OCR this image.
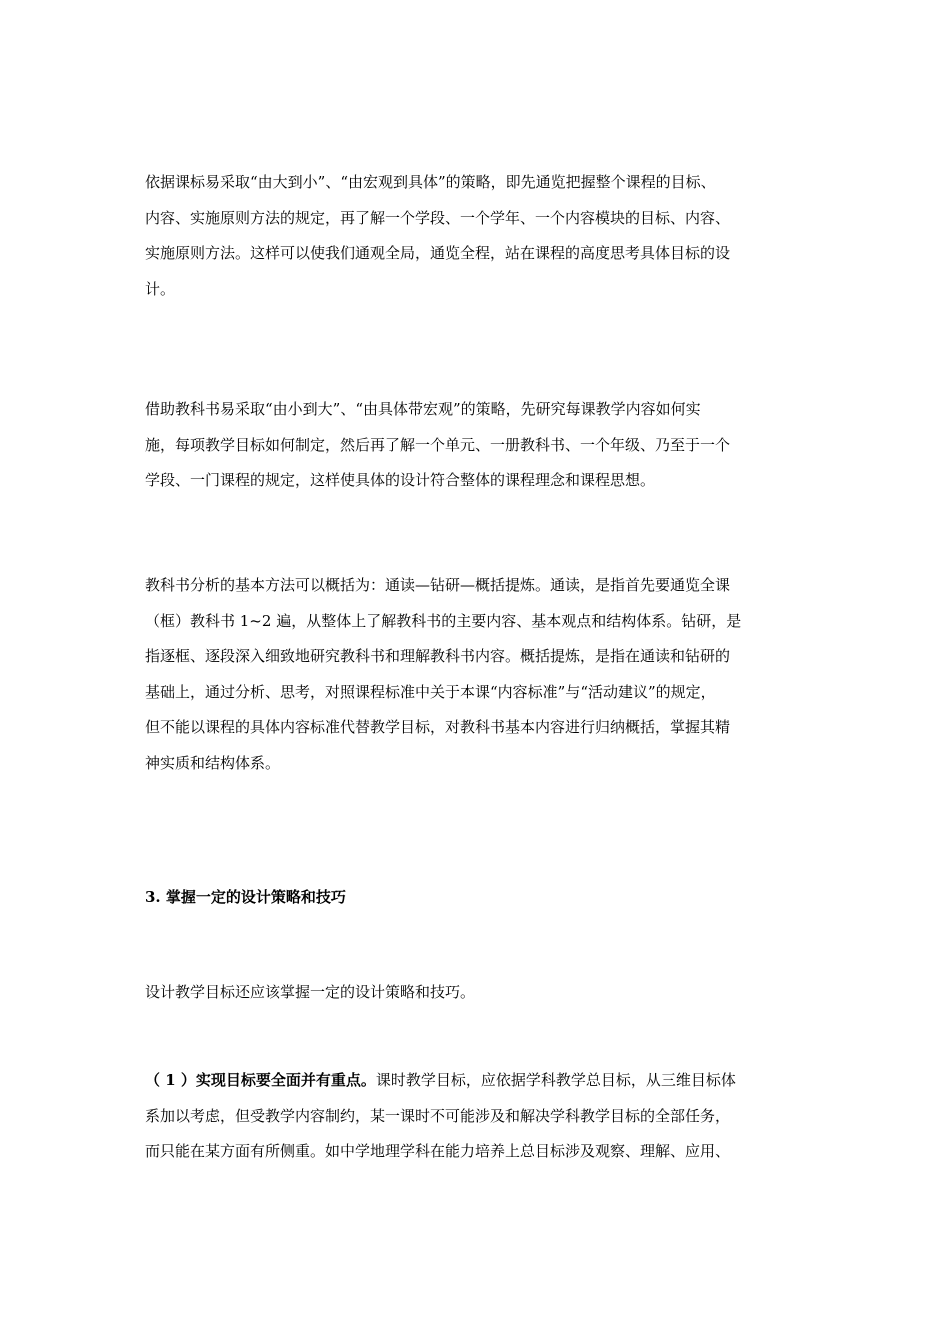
依据课标易采取“由大到小”、“由宏观到具体”的策略，即先通览把握整个课程的目标、
内容、实施原则方法的规定，再了解一个学段、一个学年、一个内容模块的目标、内容、
实施原则方法。这样可以使我们通观全局，通览全程，站在课程的高度思考具体目标的设
计。
借助教科书易采取“由小到大”、“由具体带宏观”的策略，先研究每课教学内容如何实
施，每项教学目标如何制定，然后再了解一个单元、一册教科书、一个年级、乃至于一个
学段、一门课程的规定，这样使具体的设计符合整体的课程理念和课程思想。
教科书分析的基本方法可以概括为：通读—钻研—概括提炼。通读，是指首先要通览全课
（框）教科书 1~2 遍，从整体上了解教科书的主要内容、基本观点和结构体系。钻研，是
指逐框、逐段深入细致地研究教科书和理解教科书内容。概括提炼，是指在通读和钻研的
基础上，通过分析、思考，对照课程标准中关于本课“内容标准”与“活动建议”的规定，
但不能以课程的具体内容标准代替教学目标，对教科书基本内容进行归纳概括，掌握其精
神实质和结构体系。
3. 掌握一定的设计策略和技巧
设计教学目标还应该掌握一定的设计策略和技巧。
（ 1 ）实现目标要全面并有重点。课时教学目标，应依据学科教学总目标，从三维目标体
系加以考虑，但受教学内容制约，某一课时不可能涉及和解决学科教学目标的全部任务，
而只能在某方面有所侧重。如中学地理学科在能力培养上总目标涉及观察、理解、应用、
